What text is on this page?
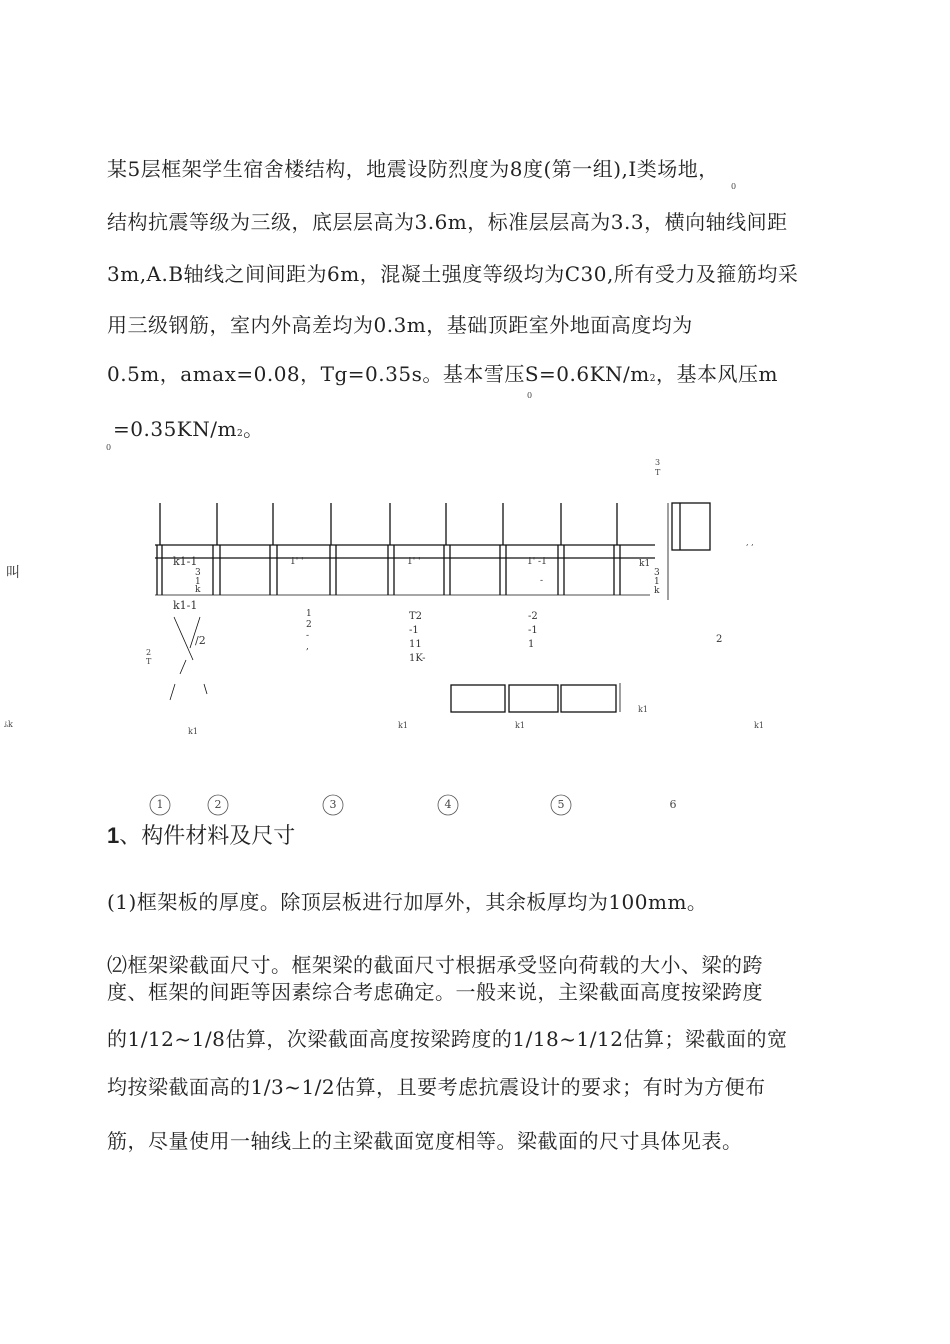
某5层框架学生宿舍楼结构，地震设防烈度为8度(第一组),I类场地，
0
结构抗震等级为三级，底层层高为3.6m，标准层层高为3.3，横向轴线间距
3m,A.B轴线之间间距为6m，混凝土强度等级均为C30,所有受力及箍筋均采
用三级钢筋，室内外高差均为0.3m，基础顶距室外地面高度均为
0.5m，amax=0.08，Tg=0.35s。基本雪压S=0.6KN/m2，基本风压m
0
0
=0.35KN/m2。
叫
ﾑk
k1-1
3
1
k
k1-1
/2
2
T
1' '	1' '	1' -1	k1
3
1
k
3
T
, ,
1
2
-
,
T2
-1
11
1K-
-
-2
-1
1	2
k1
k1	k1
k1
k1
1	2	3	4	5	6
1、构件材料及尺寸
(1)框架板的厚度。除顶层板进行加厚外，其余板厚均为100mm。
⑵框架梁截面尺寸。框架梁的截面尺寸根据承受竖向荷载的大小、梁的跨
度、框架的间距等因素综合考虑确定。一般来说，主梁截面高度按梁跨度
的1/12~1/8估算，次梁截面高度按梁跨度的1/18~1/12估算；梁截面的宽
均按梁截面高的1/3~1/2估算，且要考虑抗震设计的要求；有时为方便布
筋，尽量使用一轴线上的主梁截面宽度相等。梁截面的尺寸具体见表。
